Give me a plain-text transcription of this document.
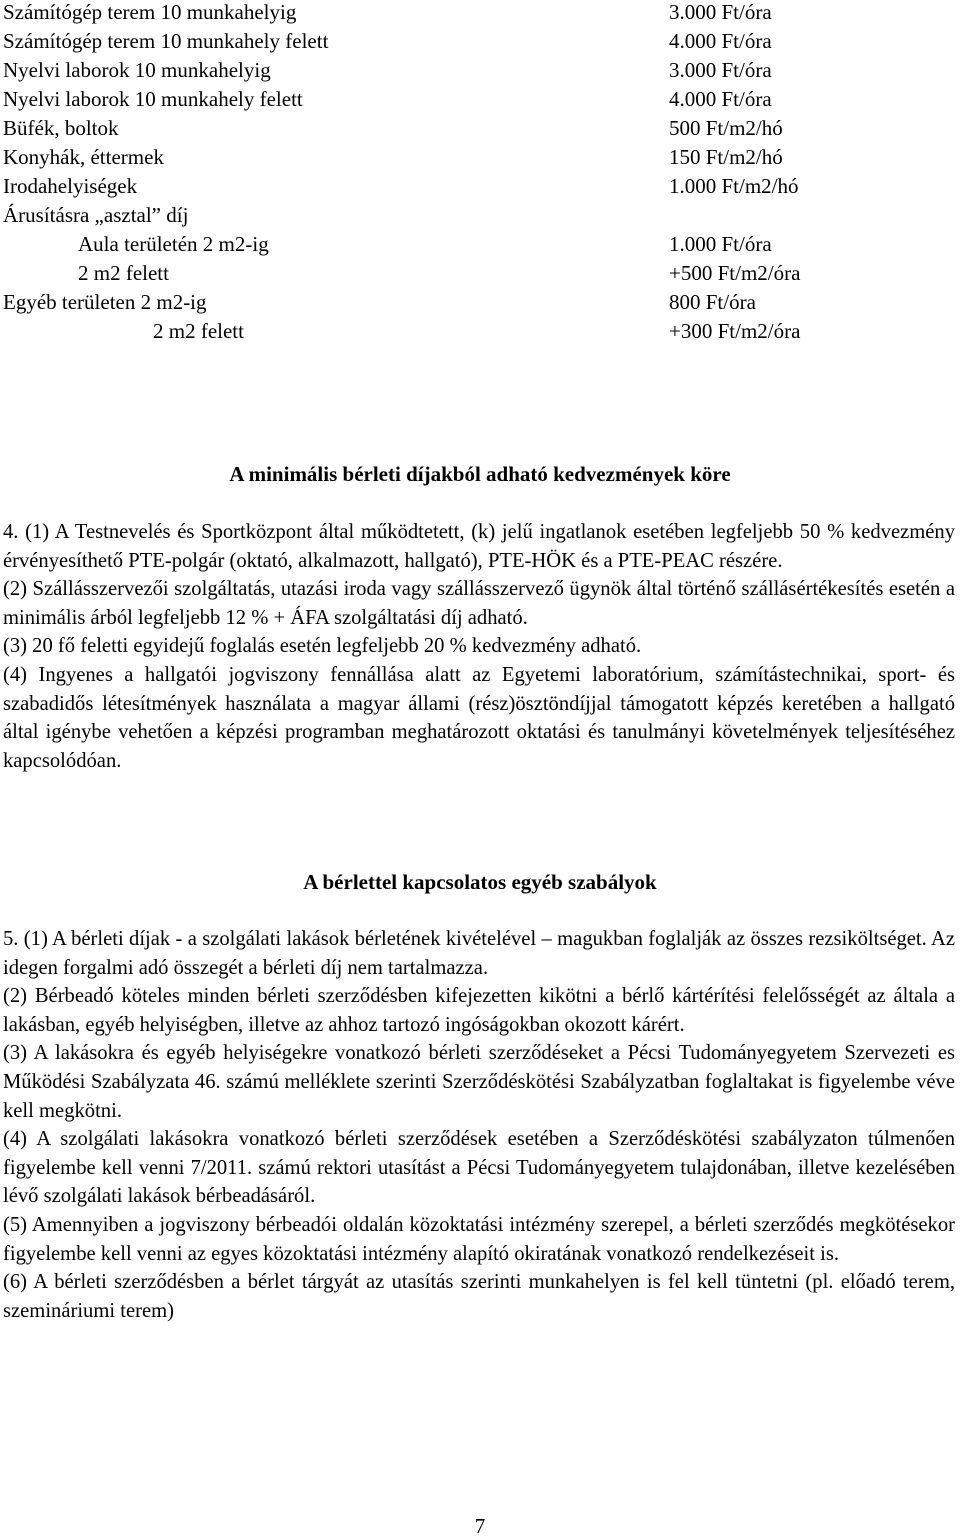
Számítógép terem 10 munkahelyig	3.000 Ft/óra
Számítógép terem 10 munkahely felett	4.000 Ft/óra
Nyelvi laborok 10 munkahelyig	3.000 Ft/óra
Nyelvi laborok 10 munkahely felett	4.000 Ft/óra
Büfék, boltok	500 Ft/m2/hó
Konyhák, éttermek	150 Ft/m2/hó
Irodahelyiségek	1.000 Ft/m2/hó
Árusításra „asztal” díj
Aula területén 2 m2-ig	1.000 Ft/óra
2 m2 felett	+500 Ft/m2/óra
Egyéb területen 2 m2-ig	800 Ft/óra
2 m2 felett	+300 Ft/m2/óra
A minimális bérleti díjakból adható kedvezmények köre

4. (1) A Testnevelés és Sportközpont által működtetett, (k) jelű ingatlanok esetében legfeljebb 50 % kedvezmény érvényesíthető PTE-polgár (oktató, alkalmazott, hallgató), PTE-HÖK és a PTE-PEAC részére.

(2) Szállásszervezői szolgáltatás, utazási iroda vagy szállásszervező ügynök által történő szállásértékesítés esetén a minimális árból legfeljebb 12 % + ÁFA szolgáltatási díj adható.

(3) 20 fő feletti egyidejű foglalás esetén legfeljebb 20 % kedvezmény adható.

(4) Ingyenes a hallgatói jogviszony fennállása alatt az Egyetemi laboratórium, számítástechnikai, sport- és szabadidős létesítmények használata a magyar állami (rész)ösztöndíjjal támogatott képzés keretében a hallgató által igénybe vehetően a képzési programban meghatározott oktatási és tanulmányi követelmények teljesítéséhez kapcsolódóan.

A bérlettel kapcsolatos egyéb szabályok

5. (1) A bérleti díjak - a szolgálati lakások bérletének kivételével – magukban foglalják az összes rezsiköltséget. Az idegen forgalmi adó összegét a bérleti díj nem tartalmazza.

(2) Bérbeadó köteles minden bérleti szerződésben kifejezetten kikötni a bérlő kártérítési felelősségét az általa a lakásban, egyéb helyiségben, illetve az ahhoz tartozó ingóságokban okozott kárért.

(3) A lakásokra és egyéb helyiségekre vonatkozó bérleti szerződéseket a Pécsi Tudományegyetem Szervezeti es Működési Szabályzata 46. számú melléklete szerinti Szerződéskötési Szabályzatban foglaltakat is figyelembe véve kell megkötni.

(4) A szolgálati lakásokra vonatkozó bérleti szerződések esetében a Szerződéskötési szabályzaton túlmenően figyelembe kell venni 7/2011. számú rektori utasítást a Pécsi Tudományegyetem tulajdonában, illetve kezelésében lévő szolgálati lakások bérbeadásáról.

(5) Amennyiben a jogviszony bérbeadói oldalán közoktatási intézmény szerepel, a bérleti szerződés megkötésekor figyelembe kell venni az egyes közoktatási intézmény alapító okiratának vonatkozó rendelkezéseit is.

(6) A bérleti szerződésben a bérlet tárgyát az utasítás szerinti munkahelyen is fel kell tüntetni (pl. előadó terem, szemináriumi terem)

7
